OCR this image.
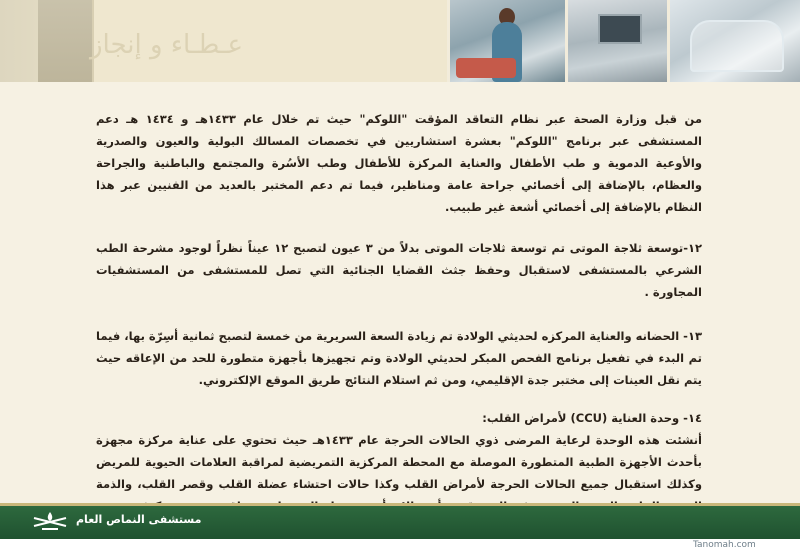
عـطـاء و إنجاز

من قبل وزارة الصحة عبر نظام التعاقد المؤقت "اللوكم" حيث تم خلال عام ١٤٣٣هـ و ١٤٣٤ هـ دعم المستشفى عبر برنامج "اللوكم" بعشرة استشاريين في تخصصات المسالك البولية والعيون والصدرية والأوعية الدموية و طب الأطفال والعناية المركزة للأطفال وطب الأسُرة والمجتمع والباطنية والجراحة والعظام، بالإضافة إلى أخصائي جراحة عامة ومناظير، فيما تم دعم المختبر بالعديد من الفنيين عبر هذا النظام بالإضافة إلى أخصائي أشعة غير طبيب.

١٢-توسعة ثلاجة الموتى تم توسعة ثلاجات الموتى بدلاً من ٣ عيون لتصبح ١٢ عيناً نظراً لوجود مشرحة الطب الشرعي بالمستشفى لاستقبال وحفظ جثث القضايا الجنائية التي تصل للمستشفى من المستشفيات المجاورة .

١٣- الحضانه والعناية المركزه لحديثي الولادة تم زيادة السعة السريرية من خمسة لتصبح ثمانية أسِرّة بها، فيما تم البدء في تفعيل برنامج الفحص المبكر لحديثي الولادة وتم تجهيزها بأجهزة متطورة للحد من الإعاقه حيث يتم نقل العينات إلى مختبر جدة الإقليمي، ومن ثم استلام النتائج طريق الموقع الإلكتروني.

١٤- وحدة العناية (CCU) لأمراض القلب:

أنشئت هذه الوحدة لرعاية المرضى ذوي الحالات الحرجة عام ١٤٣٣هـ حيث تحتوي على عناية مركزة مجهزة بأحدث الأجهزة الطبية المتطورة الموصلة مع المحطة المركزية التمريضية لمراقبة العلامات الحيوية للمريض وكذلك استقبال جميع الحالات الحرجة لأمراض القلب وكذا حالات احتشاء عضلة القلب وقصر القلب، والذمة

مستشفى النماص العام
Tanomah.com
